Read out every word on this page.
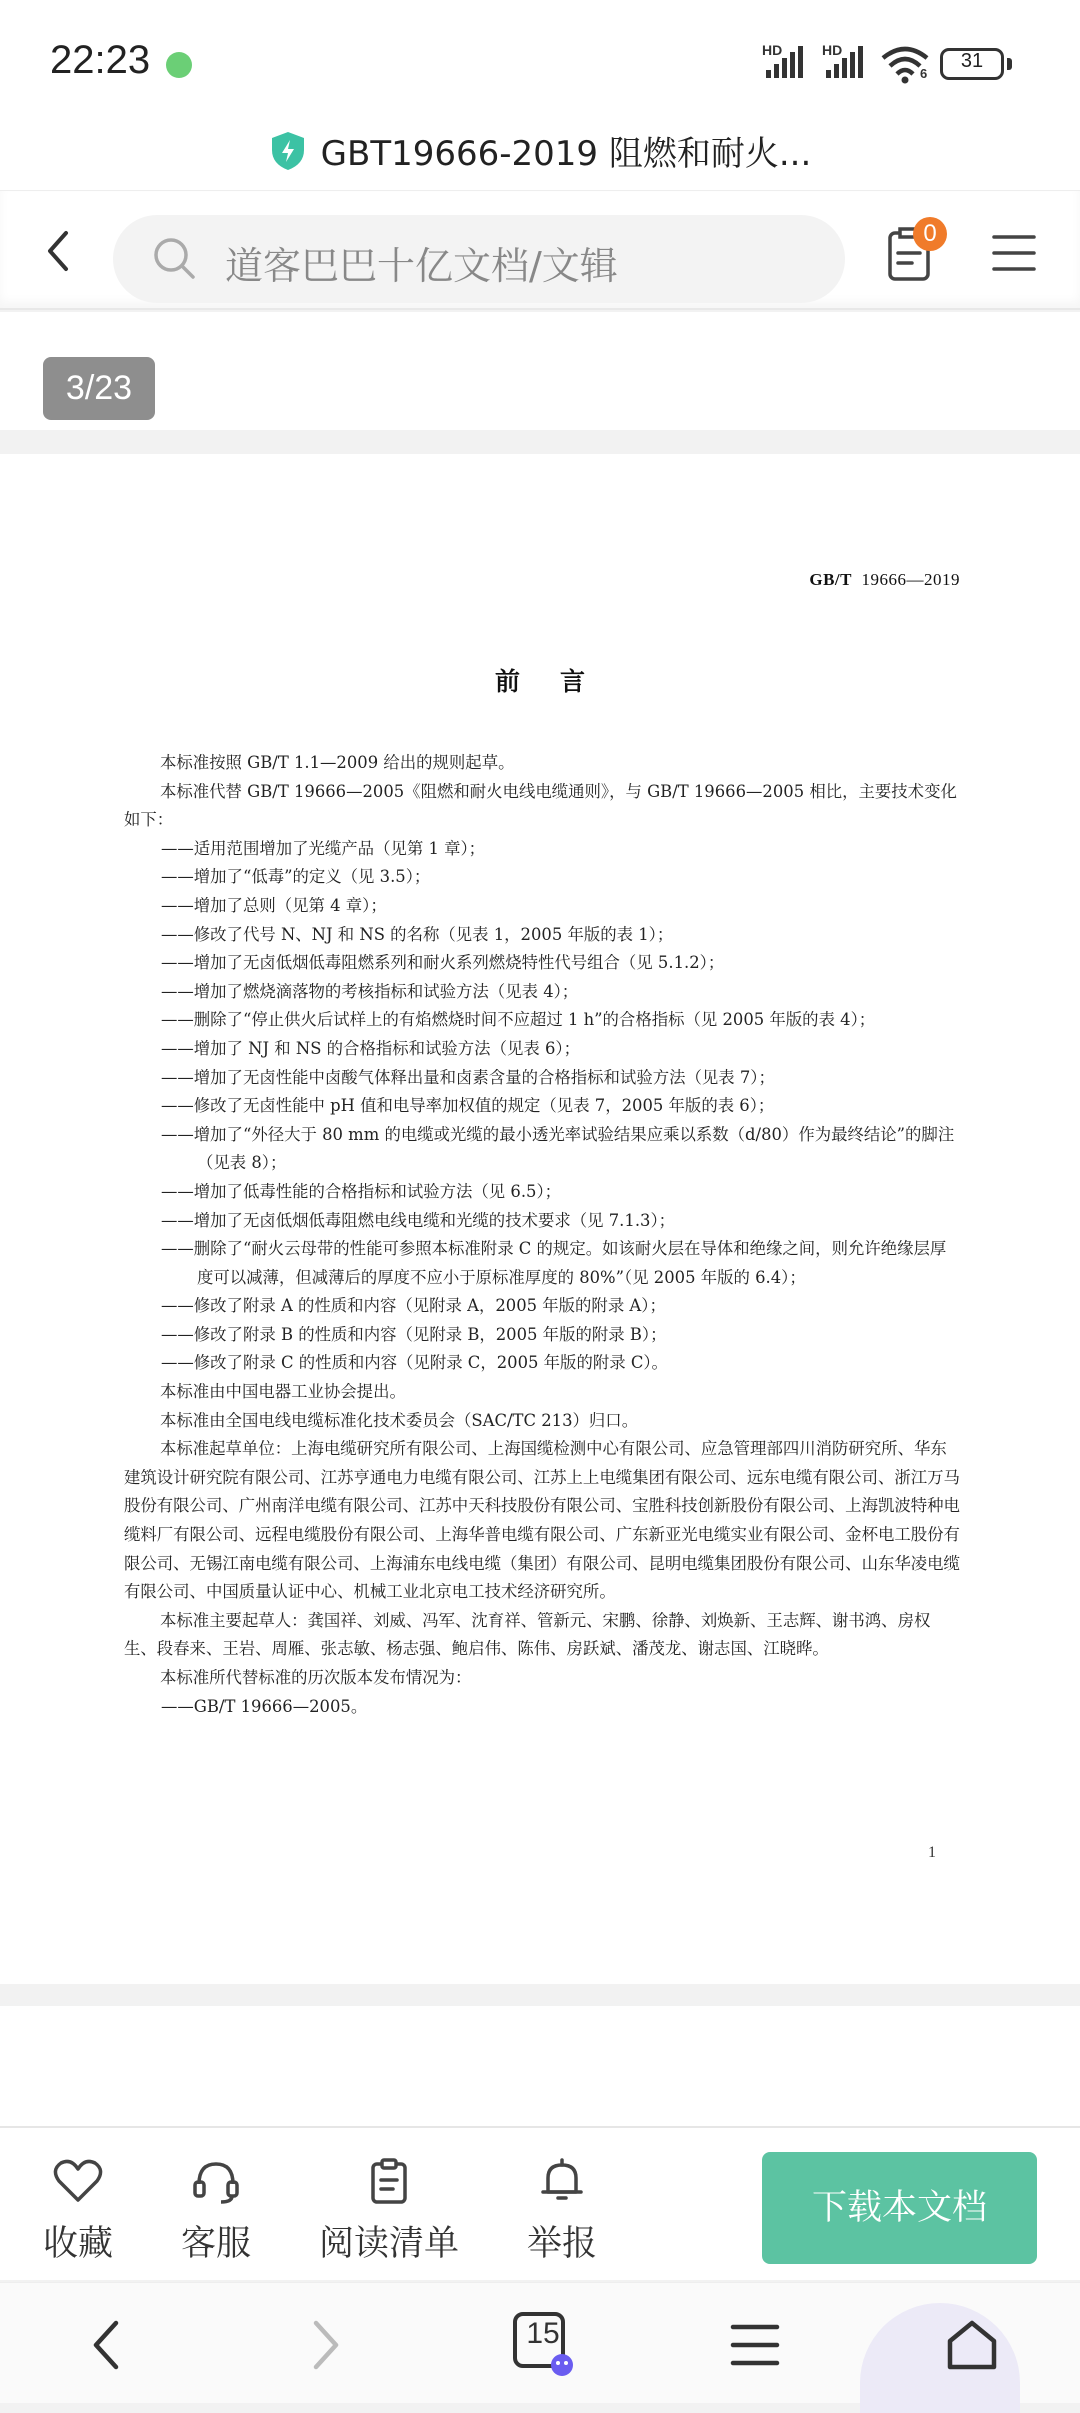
22:23	HD	HD
6
31
GBT19666-2019 阻燃和耐火...
道客巴巴十亿文档/文辑
0
3/23
GB/T 19666—2019
前言

本标准按照 GB/T 1.1—2009 给出的规则起草。

本标准代替 GB/T 19666—2005《阻燃和耐火电线电缆通则》，与 GB/T 19666—2005 相比，主要技术变化如下：

——适用范围增加了光缆产品（见第 1 章）；

——增加了“低毒”的定义（见 3.5）；

——增加了总则（见第 4 章）；

——修改了代号 N、NJ 和 NS 的名称（见表 1，2005 年版的表 1）；

——增加了无卤低烟低毒阻燃系列和耐火系列燃烧特性代号组合（见 5.1.2）；

——增加了燃烧滴落物的考核指标和试验方法（见表 4）；

——删除了“停止供火后试样上的有焰燃烧时间不应超过 1 h”的合格指标（见 2005 年版的表 4）；

——增加了 NJ 和 NS 的合格指标和试验方法（见表 6）；

——增加了无卤性能中卤酸气体释出量和卤素含量的合格指标和试验方法（见表 7）；

——修改了无卤性能中 pH 值和电导率加权值的规定（见表 7，2005 年版的表 6）；

——增加了“外径大于 80 mm 的电缆或光缆的最小透光率试验结果应乘以系数（d/80）作为最终结论”的脚注（见表 8）；

——增加了低毒性能的合格指标和试验方法（见 6.5）；

——增加了无卤低烟低毒阻燃电线电缆和光缆的技术要求（见 7.1.3）；

——删除了“耐火云母带的性能可参照本标准附录 C 的规定。如该耐火层在导体和绝缘之间，则允许绝缘层厚度可以减薄，但减薄后的厚度不应小于原标准厚度的 80%”（见 2005 年版的 6.4）；

——修改了附录 A 的性质和内容（见附录 A，2005 年版的附录 A）；

——修改了附录 B 的性质和内容（见附录 B，2005 年版的附录 B）；

——修改了附录 C 的性质和内容（见附录 C，2005 年版的附录 C）。

本标准由中国电器工业协会提出。

本标准由全国电线电缆标准化技术委员会（SAC/TC 213）归口。

本标准起草单位：上海电缆研究所有限公司、上海国缆检测中心有限公司、应急管理部四川消防研究所、华东建筑设计研究院有限公司、江苏亨通电力电缆有限公司、江苏上上电缆集团有限公司、远东电缆有限公司、浙江万马股份有限公司、广州南洋电缆有限公司、江苏中天科技股份有限公司、宝胜科技创新股份有限公司、上海凯波特种电缆料厂有限公司、远程电缆股份有限公司、上海华普电缆有限公司、广东新亚光电缆实业有限公司、金杯电工股份有限公司、无锡江南电缆有限公司、上海浦东电线电缆（集团）有限公司、昆明电缆集团股份有限公司、山东华凌电缆有限公司、中国质量认证中心、机械工业北京电工技术经济研究所。

本标准主要起草人：龚国祥、刘威、冯军、沈育祥、管新元、宋鹏、徐静、刘焕新、王志辉、谢书鸿、房权生、段春来、王岩、周雁、张志敏、杨志强、鲍启伟、陈伟、房跃斌、潘茂龙、谢志国、江晓晔。

本标准所代替标准的历次版本发布情况为：

——GB/T 19666—2005。

1
收藏 客服 阅读清单 举报
下载本文档
15
